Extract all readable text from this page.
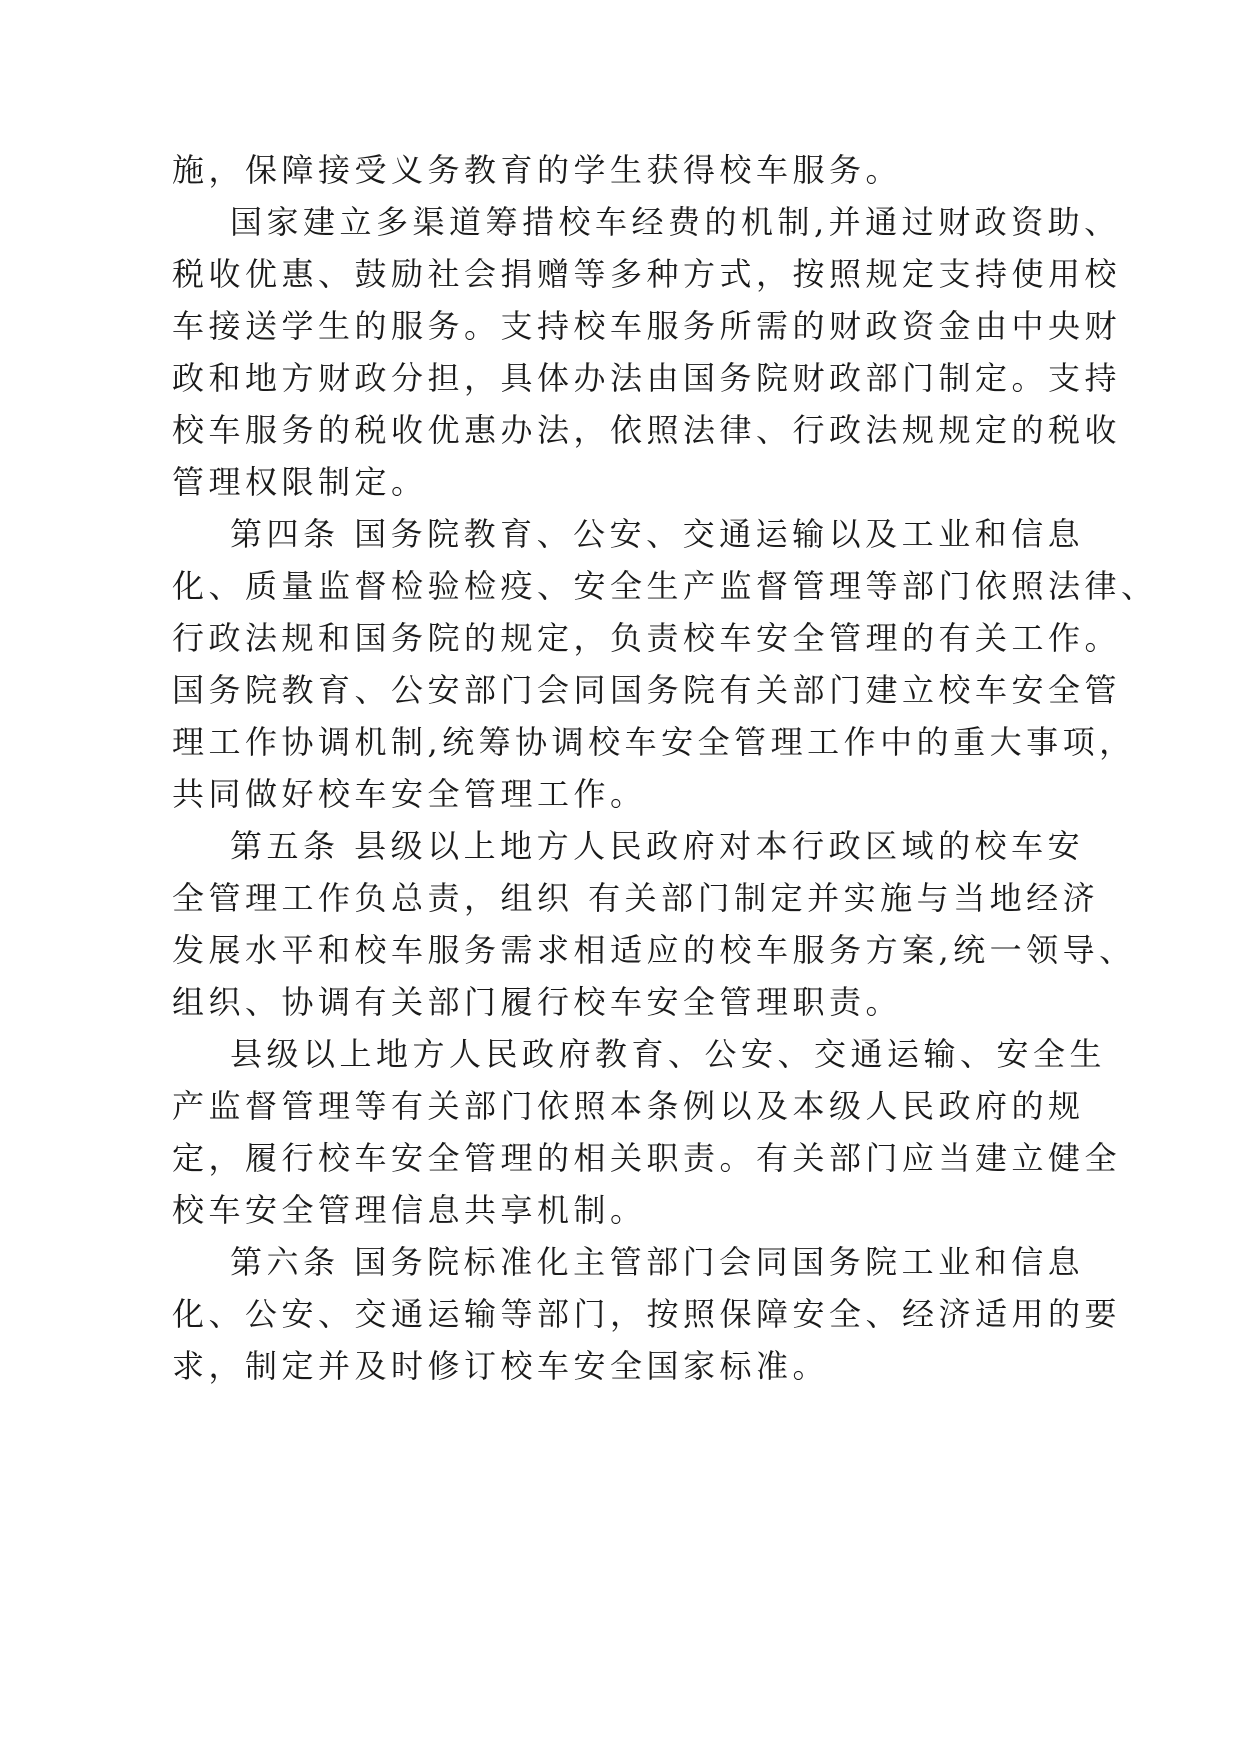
施，保障接受义务教育的学生获得校车服务。
国家建立多渠道筹措校车经费的机制,并通过财政资助、
税收优惠、鼓励社会捐赠等多种方式，按照规定支持使用校
车接送学生的服务。支持校车服务所需的财政资金由中央财
政和地方财政分担，具体办法由国务院财政部门制定。支持
校车服务的税收优惠办法，依照法律、行政法规规定的税收
管理权限制定。
第四条 国务院教育、公安、交通运输以及工业和信息
化、质量监督检验检疫、安全生产监督管理等部门依照法律、
行政法规和国务院的规定，负责校车安全管理的有关工作。
国务院教育、公安部门会同国务院有关部门建立校车安全管
理工作协调机制,统筹协调校车安全管理工作中的重大事项，
共同做好校车安全管理工作。
第五条 县级以上地方人民政府对本行政区域的校车安
全管理工作负总责，组织 有关部门制定并实施与当地经济
发展水平和校车服务需求相适应的校车服务方案,统一领导、
组织、协调有关部门履行校车安全管理职责。
县级以上地方人民政府教育、公安、交通运输、安全生
产监督管理等有关部门依照本条例以及本级人民政府的规
定，履行校车安全管理的相关职责。有关部门应当建立健全
校车安全管理信息共享机制。
第六条 国务院标准化主管部门会同国务院工业和信息
化、公安、交通运输等部门，按照保障安全、经济适用的要
求，制定并及时修订校车安全国家标准。
